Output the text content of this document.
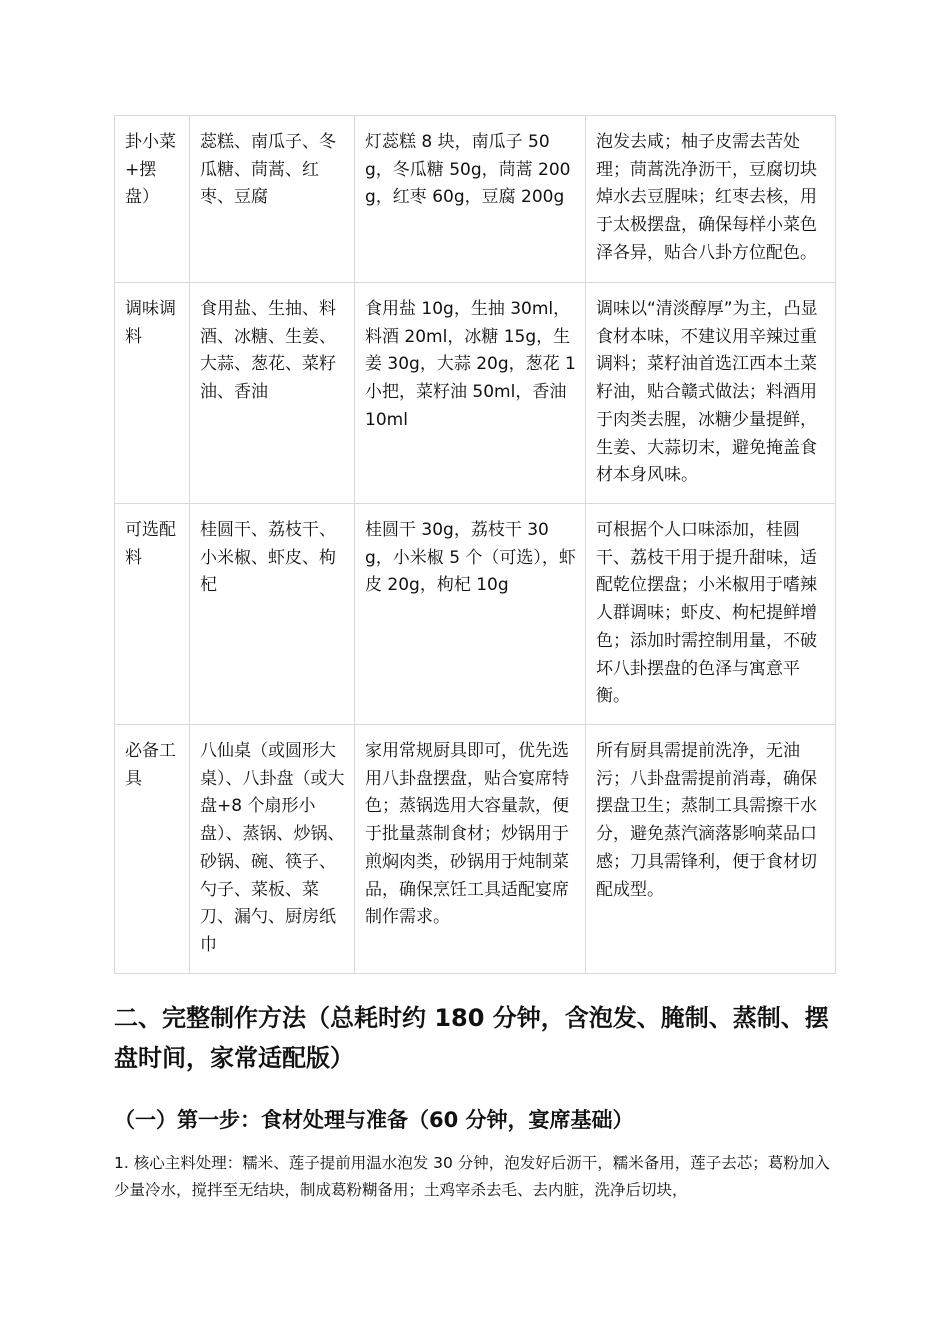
卦小菜+摆盘）	蕊糕、南瓜子、冬瓜糖、茼蒿、红枣、豆腐	灯蕊糕 8 块，南瓜子 50g，冬瓜糖 50g，茼蒿 200g，红枣 60g，豆腐 200g	泡发去咸；柚子皮需去苦处理；茼蒿洗净沥干，豆腐切块焯水去豆腥味；红枣去核，用于太极摆盘，确保每样小菜色泽各异，贴合八卦方位配色。
调味调料	食用盐、生抽、料酒、冰糖、生姜、大蒜、葱花、菜籽油、香油	食用盐 10g，生抽 30ml，料酒 20ml，冰糖 15g，生姜 30g，大蒜 20g，葱花 1 小把，菜籽油 50ml，香油 10ml	调味以“清淡醇厚”为主，凸显食材本味，不建议用辛辣过重调料；菜籽油首选江西本土菜籽油，贴合赣式做法；料酒用于肉类去腥，冰糖少量提鲜，生姜、大蒜切末，避免掩盖食材本身风味。
可选配料	桂圆干、荔枝干、小米椒、虾皮、枸杞	桂圆干 30g，荔枝干 30g，小米椒 5 个（可选），虾皮 20g，枸杞 10g	可根据个人口味添加，桂圆干、荔枝干用于提升甜味，适配乾位摆盘；小米椒用于嗜辣人群调味；虾皮、枸杞提鲜增色；添加时需控制用量，不破坏八卦摆盘的色泽与寓意平衡。
必备工具	八仙桌（或圆形大桌）、八卦盘（或大盘+8 个扇形小盘）、蒸锅、炒锅、砂锅、碗、筷子、勺子、菜板、菜刀、漏勺、厨房纸巾	家用常规厨具即可，优先选用八卦盘摆盘，贴合宴席特色；蒸锅选用大容量款，便于批量蒸制食材；炒锅用于煎焖肉类，砂锅用于炖制菜品，确保烹饪工具适配宴席制作需求。	所有厨具需提前洗净，无油污；八卦盘需提前消毒，确保摆盘卫生；蒸制工具需擦干水分，避免蒸汽滴落影响菜品口感；刀具需锋利，便于食材切配成型。
二、完整制作方法（总耗时约 180 分钟，含泡发、腌制、蒸制、摆盘时间，家常适配版）
（一）第一步：食材处理与准备（60 分钟，宴席基础）

1. 核心主料处理：糯米、莲子提前用温水泡发 30 分钟，泡发好后沥干，糯米备用，莲子去芯；葛粉加入少量冷水，搅拌至无结块，制成葛粉糊备用；土鸡宰杀去毛、去内脏，洗净后切块，
